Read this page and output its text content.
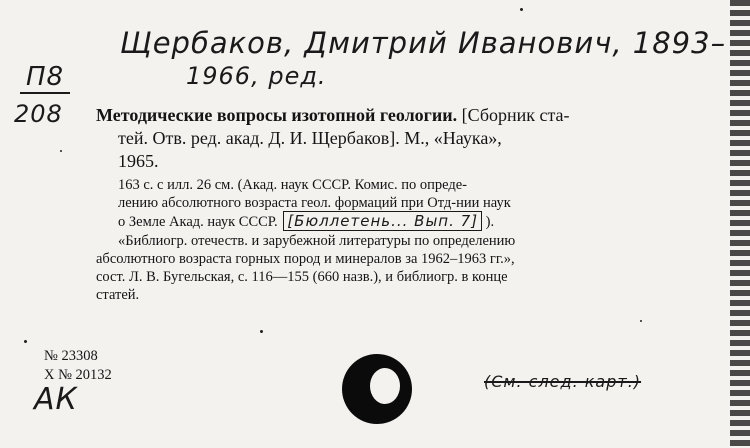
Щербаков, Дмитрий Иванович, 1893–
1966, ред.
П8
208 Методические вопросы изотопной геологии. [Сборник ста-
тей. Отв. ред. акад. Д. И. Щербаков]. М., «Наука»,
1965.
163 с. с илл. 26 см. (Акад. наук СССР. Комис. по опреде-
лению абсолютного возраста геол. формаций при Отд-нии наук
о Земле Акад. наук СССР. [Бюллетень... Вып. 7] ).
«Библиогр. отечеств. и зарубежной литературы по определению
абсолютного возраста горных пород и минералов за 1962–1963 гг.»,
сост. Л. В. Бугельская, с. 116—155 (660 назв.), и библиогр. в конце
статей.
№ 23308
X № 20132
АК
(См. след. карт.)
